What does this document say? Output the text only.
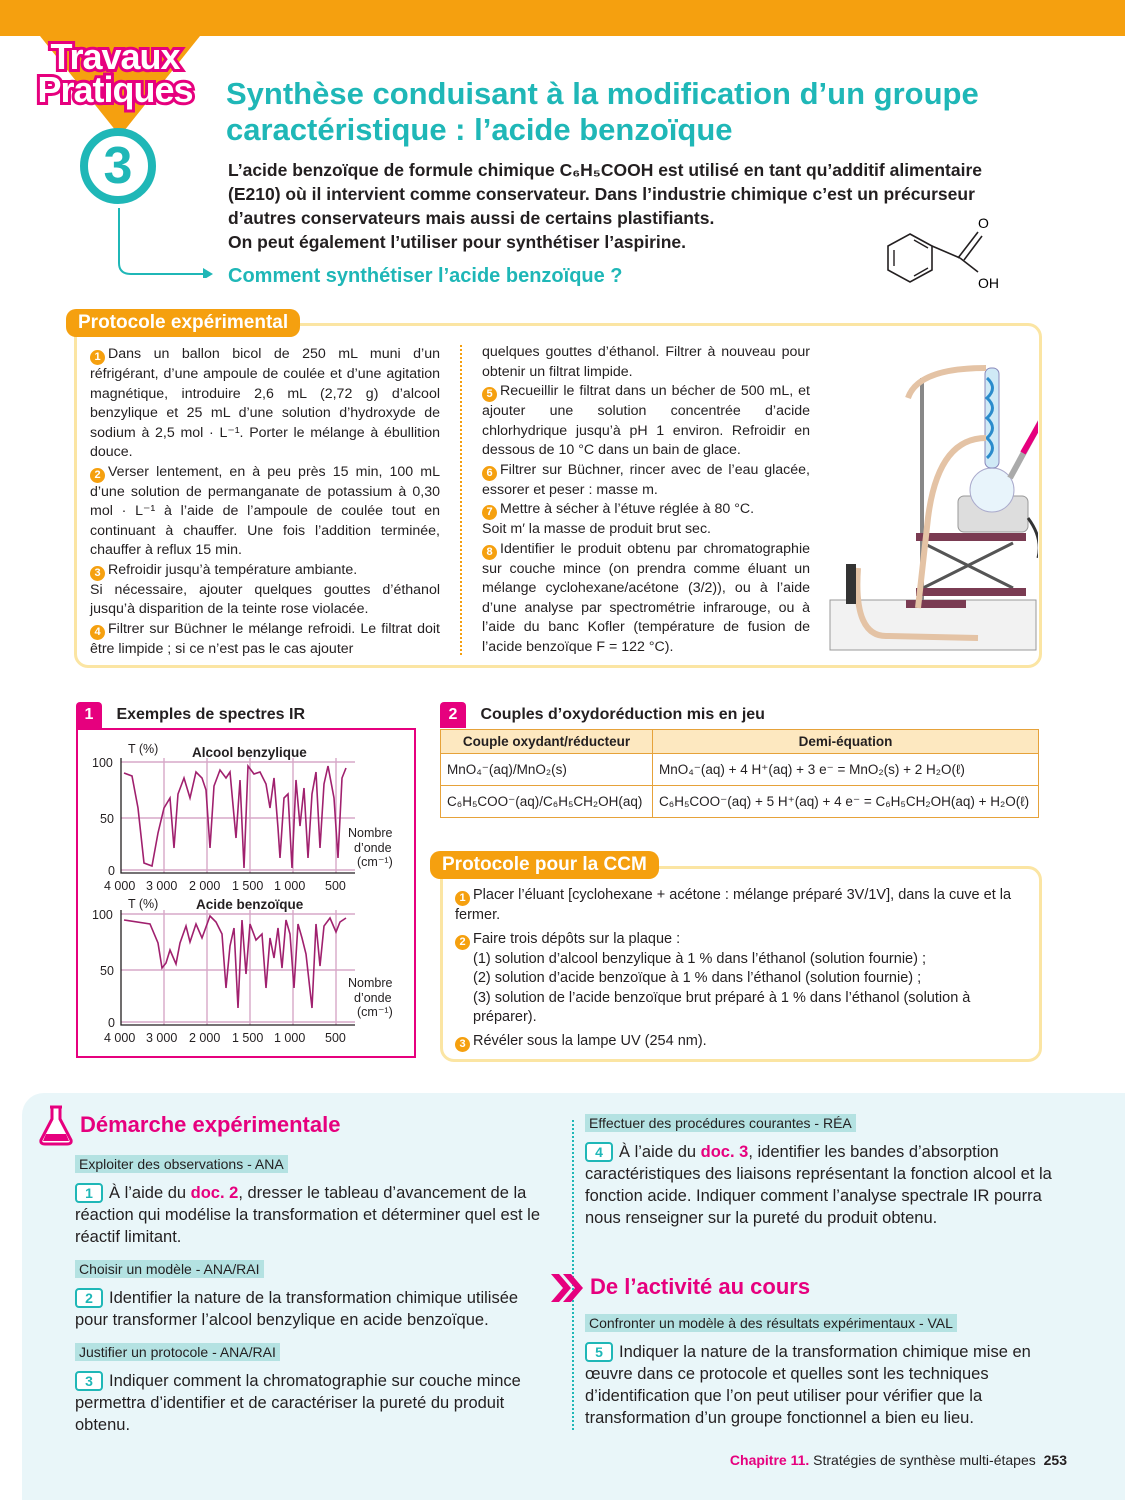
Travaux
Pratiques
3
Synthèse conduisant à la modification d’un groupe
caractéristique : l’acide benzoïque
L’acide benzoïque de formule chimique C₆H₅COOH est utilisé en tant qu’additif alimentaire
(E210) où il intervient comme conservateur. Dans l’industrie chimique c’est un précurseur
d’autres conservateurs mais aussi de certains plastifiants.
On peut également l’utiliser pour synthétiser l’aspirine.
Comment synthétiser l’acide benzoïque ?
O
OH
Protocole expérimental

1 Dans un ballon bicol de 250 mL muni d’un réfrigérant, d’une ampoule de coulée et d’une agitation magnétique, introduire 2,6 mL (2,72 g) d’alcool benzylique et 25 mL d’une solution d’hydroxyde de sodium à 2,5 mol · L⁻¹. Porter le mélange à ébullition douce.

2 Verser lentement, en à peu près 15 min, 100 mL d’une solution de permanganate de potassium à 0,30 mol · L⁻¹ à l’aide de l’ampoule de coulée tout en continuant à chauffer. Une fois l’addition terminée, chauffer à reflux 15 min.

3 Refroidir jusqu’à température ambiante.
Si nécessaire, ajouter quelques gouttes d’éthanol jusqu’à disparition de la teinte rose violacée.

4 Filtrer sur Büchner le mélange refroidi. Le filtrat doit être limpide ; si ce n’est pas le cas ajouter

quelques gouttes d’éthanol. Filtrer à nouveau pour obtenir un filtrat limpide.

5 Recueillir le filtrat dans un bécher de 500 mL, et ajouter une solution concentrée d’acide chlorhydrique jusqu’à pH 1 environ. Refroidir en dessous de 10 °C dans un bain de glace.

6 Filtrer sur Büchner, rincer avec de l’eau glacée, essorer et peser : masse m.

7 Mettre à sécher à l’étuve réglée à 80 °C.
Soit m′ la masse de produit brut sec.

8 Identifier le produit obtenu par chromatographie sur couche mince (on prendra comme éluant un mélange cyclohexane/acétone (3/2)), ou à l’aide d’une analyse par spectrométrie infrarouge, ou à l’aide du banc Kofler (température de fusion de l’acide benzoïque F = 122 °C).

1 Exemples de spectres IR
T (%) Alcool benzylique
100
50
0
Nombre
d’onde
(cm⁻¹)
4 000 3 000 2 000 1 500 1 000 500
T (%)	Acide benzoïque
100
50
0
Nombre
d’onde
(cm⁻¹)
4 000 3 000 2 000 1 500 1 000 500
2 Couples d’oxydoréduction mis en jeu
Couple oxydant/réducteur	Demi-équation
MnO₄⁻(aq)/MnO₂(s)	MnO₄⁻(aq) + 4 H⁺(aq) + 3 e⁻ = MnO₂(s) + 2 H₂O(ℓ)
C₆H₅COO⁻(aq)/C₆H₅CH₂OH(aq)	C₆H₅COO⁻(aq) + 5 H⁺(aq) + 4 e⁻ = C₆H₅CH₂OH(aq) + H₂O(ℓ)
Protocole pour la CCM

1 Placer l’éluant [cyclohexane + acétone : mélange préparé 3V/1V], dans la cuve et la fermer.

2 Faire trois dépôts sur la plaque :

(1) solution d’alcool benzylique à 1 % dans l’éthanol (solution fournie) ;

(2) solution d’acide benzoïque à 1 % dans l’éthanol (solution fournie) ;

(3) solution de l’acide benzoïque brut préparé à 1 % dans l’éthanol (solution à préparer).

3 Révéler sous la lampe UV (254 nm).

Démarche expérimentale
Exploiter des observations - ANA

1 À l’aide du doc. 2, dresser le tableau d’avancement de la réaction qui modélise la transformation et déterminer quel est le réactif limitant.

Choisir un modèle - ANA/RAI

2 Identifier la nature de la transformation chimique utilisée pour transformer l’alcool benzylique en acide benzoïque.

Justifier un protocole - ANA/RAI

3 Indiquer comment la chromatographie sur couche mince permettra d’identifier et de caractériser la pureté du produit obtenu.

Effectuer des procédures courantes - RÉA

4 À l’aide du doc. 3, identifier les bandes d’absorption caractéristiques des liaisons représentant la fonction alcool et la fonction acide. Indiquer comment l’analyse spectrale IR pourra nous renseigner sur la pureté du produit obtenu.

De l’activité au cours
Confronter un modèle à des résultats expérimentaux - VAL

5 Indiquer la nature de la transformation chimique mise en œuvre dans ce protocole et quelles sont les techniques d’identification que l’on peut utiliser pour vérifier que la transformation d’un groupe fonctionnel a bien eu lieu.

Chapitre 11. Stratégies de synthèse multi-étapes 253
